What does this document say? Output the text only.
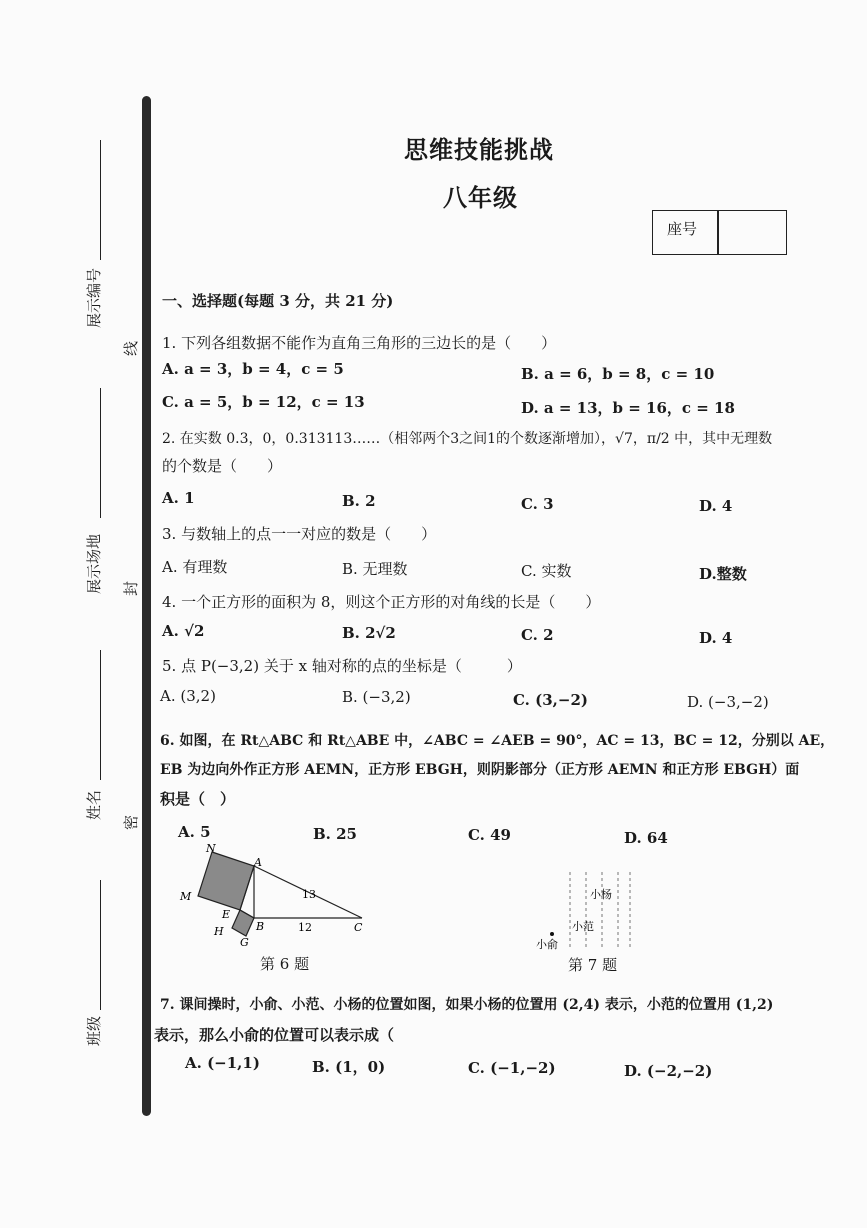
展示编号
展示场地
姓名
班级
线
封
密
思维技能挑战
八年级
座号
一、选择题(每题 3 分，共 21 分)
1. 下列各组数据不能作为直角三角形的三边长的是（　　）
A. a = 3，b = 4，c = 5	B. a = 6，b = 8，c = 10
C. a = 5，b = 12，c = 13	D. a = 13，b = 16，c = 18
2. 在实数 0.3，0，0.313113……（相邻两个3之间1的个数逐渐增加），√7，π/2 中，其中无理数
的个数是（　　）
A. 1	B. 2	C. 3	D. 4
3. 与数轴上的点一一对应的数是（　　）
A. 有理数	B. 无理数	C. 实数	D.整数
4. 一个正方形的面积为 8，则这个正方形的对角线的长是（　　）
A. √2	B. 2√2	C. 2	D. 4
5. 点 P(−3,2) 关于 x 轴对称的点的坐标是（　　　）
A. (3,2)	B. (−3,2)	C. (3,−2)	D. (−3,−2)
6. 如图，在 Rt△ABC 和 Rt△ABE 中，∠ABC = ∠AEB = 90°，AC = 13，BC = 12，分别以 AE，
EB 为边向外作正方形 AEMN，正方形 EBGH，则阴影部分（正方形 AEMN 和正方形 EBGH）面
积是（　）
A. 5	B. 25	C. 49	D. 64
N
A
M
E
H	B
G
C
13
12
第 6 题
小杨
小范
小俞
第 7 题
7. 课间操时，小俞、小范、小杨的位置如图，如果小杨的位置用 (2,4) 表示，小范的位置用 (1,2)
表示，那么小俞的位置可以表示成（
A. (−1,1)	B. (1，0)	C. (−1,−2)	D. (−2,−2)
